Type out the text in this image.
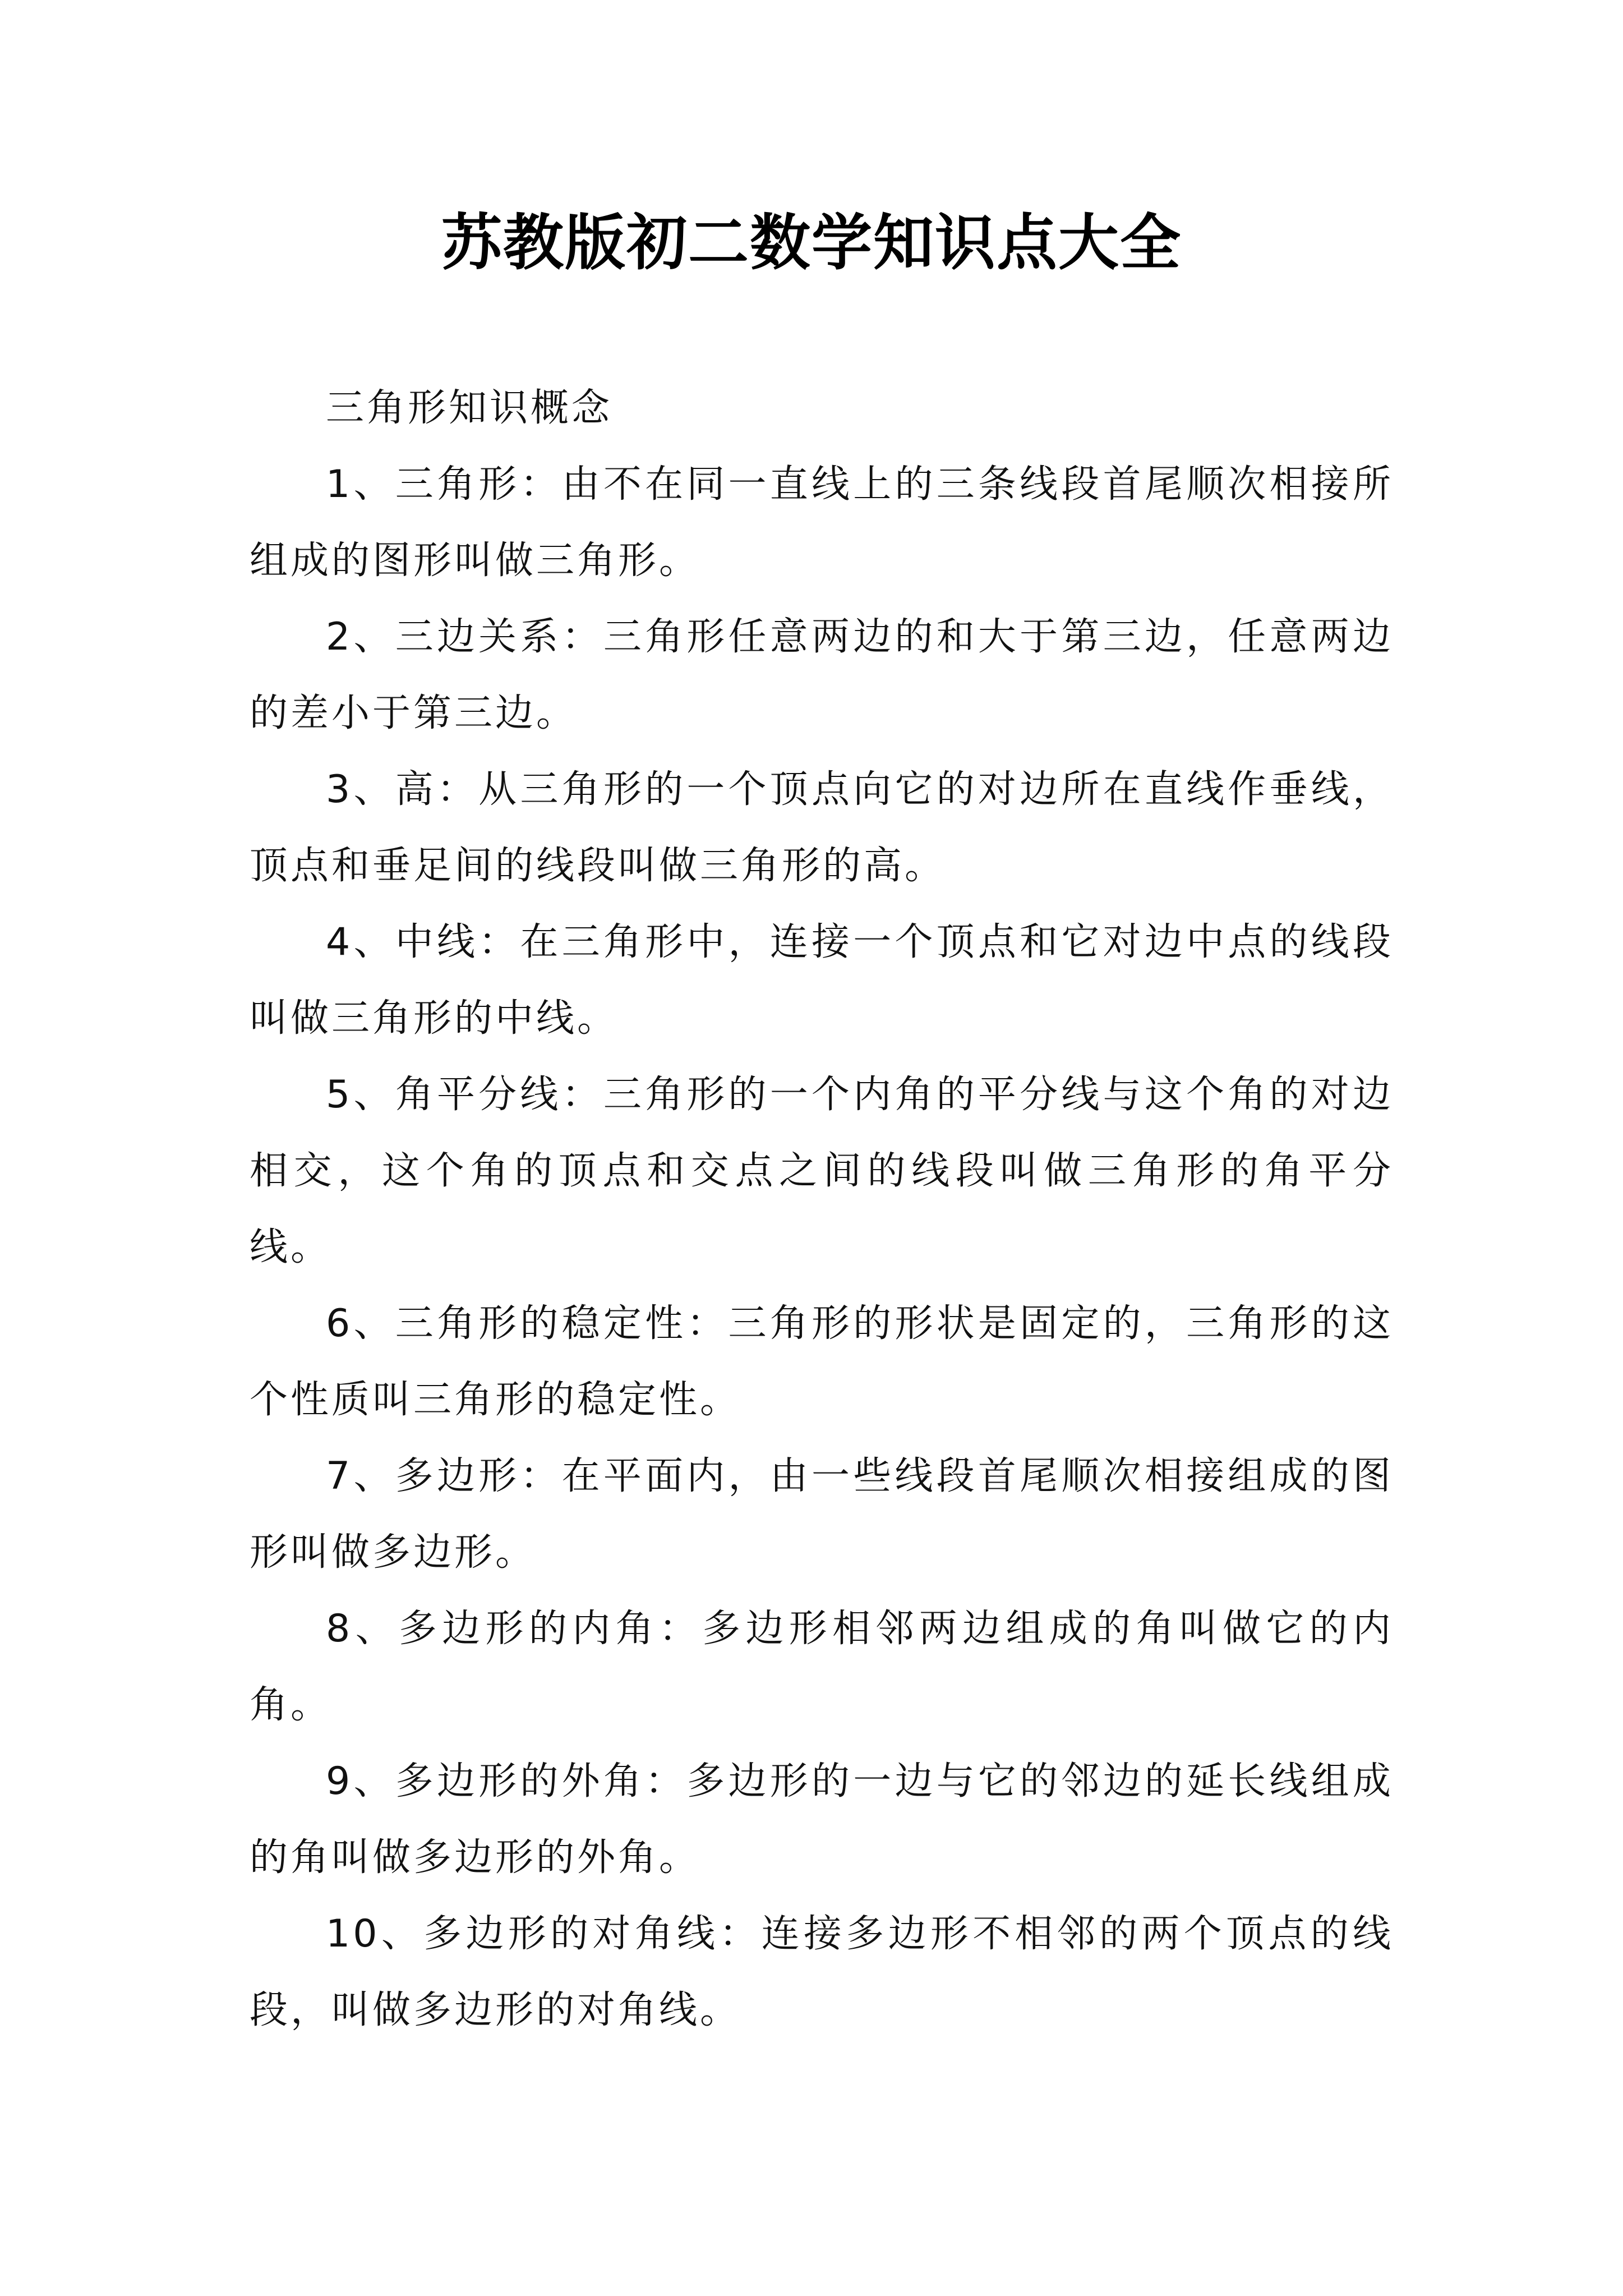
苏教版初二数学知识点大全

三角形知识概念

1、三角形：由不在同一直线上的三条线段首尾顺次相接所组成的图形叫做三角形。

2、三边关系：三角形任意两边的和大于第三边，任意两边的差小于第三边。

3、高：从三角形的一个顶点向它的对边所在直线作垂线，顶点和垂足间的线段叫做三角形的高。

4、中线：在三角形中，连接一个顶点和它对边中点的线段叫做三角形的中线。

5、角平分线：三角形的一个内角的平分线与这个角的对边相交，这个角的顶点和交点之间的线段叫做三角形的角平分线。

6、三角形的稳定性：三角形的形状是固定的，三角形的这个性质叫三角形的稳定性。

7、多边形：在平面内，由一些线段首尾顺次相接组成的图形叫做多边形。

8、多边形的内角：多边形相邻两边组成的角叫做它的内角。

9、多边形的外角：多边形的一边与它的邻边的延长线组成的角叫做多边形的外角。

10、多边形的对角线：连接多边形不相邻的两个顶点的线段，叫做多边形的对角线。
